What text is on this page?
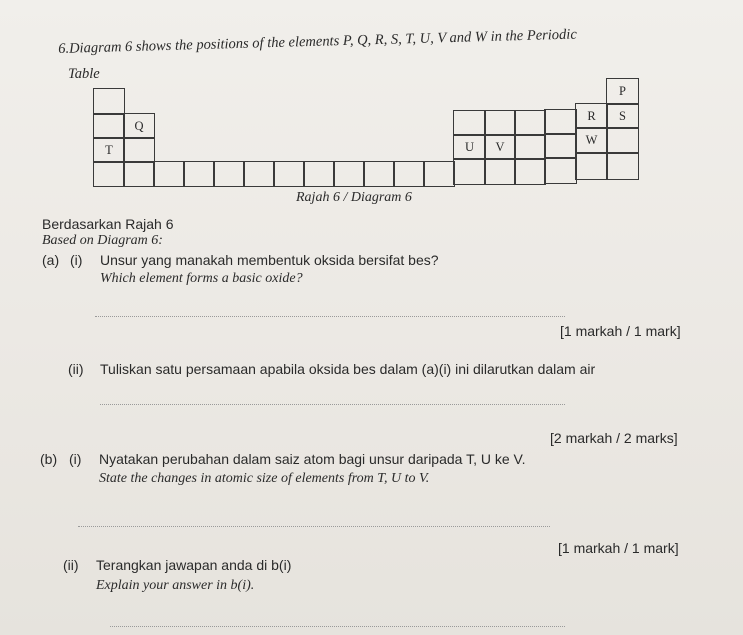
6.Diagram 6 shows the positions of the elements P, Q, R, S, T, U, V and W in the Periodic
Table
T
Q
R S
P
U V	W
Rajah 6 / Diagram 6
Berdasarkan Rajah 6
Based on Diagram 6:
(a) (i) Unsur yang manakah membentuk oksida bersifat bes?
Which element forms a basic oxide?
[1 markah / 1 mark]
(ii) Tuliskan satu persamaan apabila oksida bes dalam (a)(i) ini dilarutkan dalam air
[2 markah / 2 marks]
(b) (i) Nyatakan perubahan dalam saiz atom bagi unsur daripada T, U ke V.
State the changes in atomic size of elements from T, U to V.
[1 markah / 1 mark]
(ii) Terangkan jawapan anda di b(i)
Explain your answer in b(i).
